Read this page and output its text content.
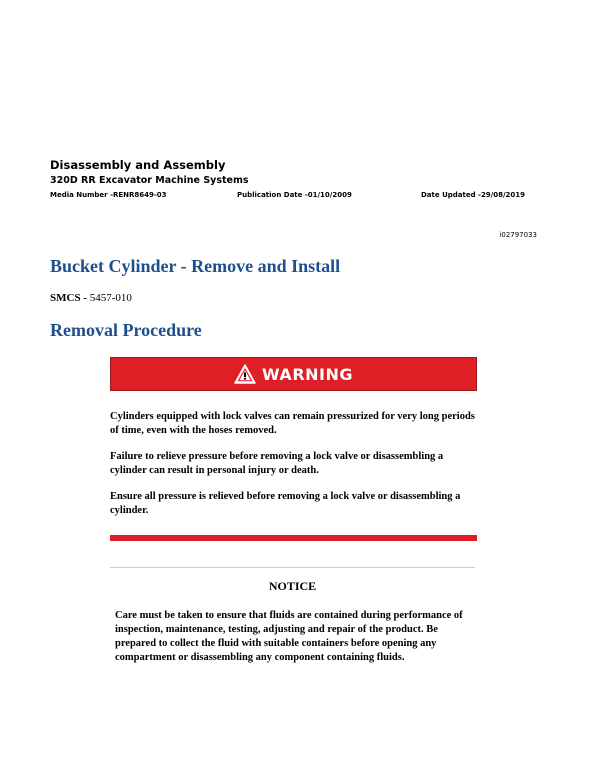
Disassembly and Assembly
320D RR Excavator Machine Systems
Media Number -RENR8649-03	Publication Date -01/10/2009	Date Updated -29/08/2019
i02797033
Bucket Cylinder - Remove and Install
SMCS - 5457-010
Removal Procedure
WARNING

Cylinders equipped with lock valves can remain pressurized for very long periods of time, even with the hoses removed.

Failure to relieve pressure before removing a lock valve or disassembling a cylinder can result in personal injury or death.

Ensure all pressure is relieved before removing a lock valve or disassembling a cylinder.

NOTICE
Care must be taken to ensure that fluids are contained during performance of inspection, maintenance, testing, adjusting and repair of the product. Be prepared to collect the fluid with suitable containers before opening any compartment or disassembling any component containing fluids.
